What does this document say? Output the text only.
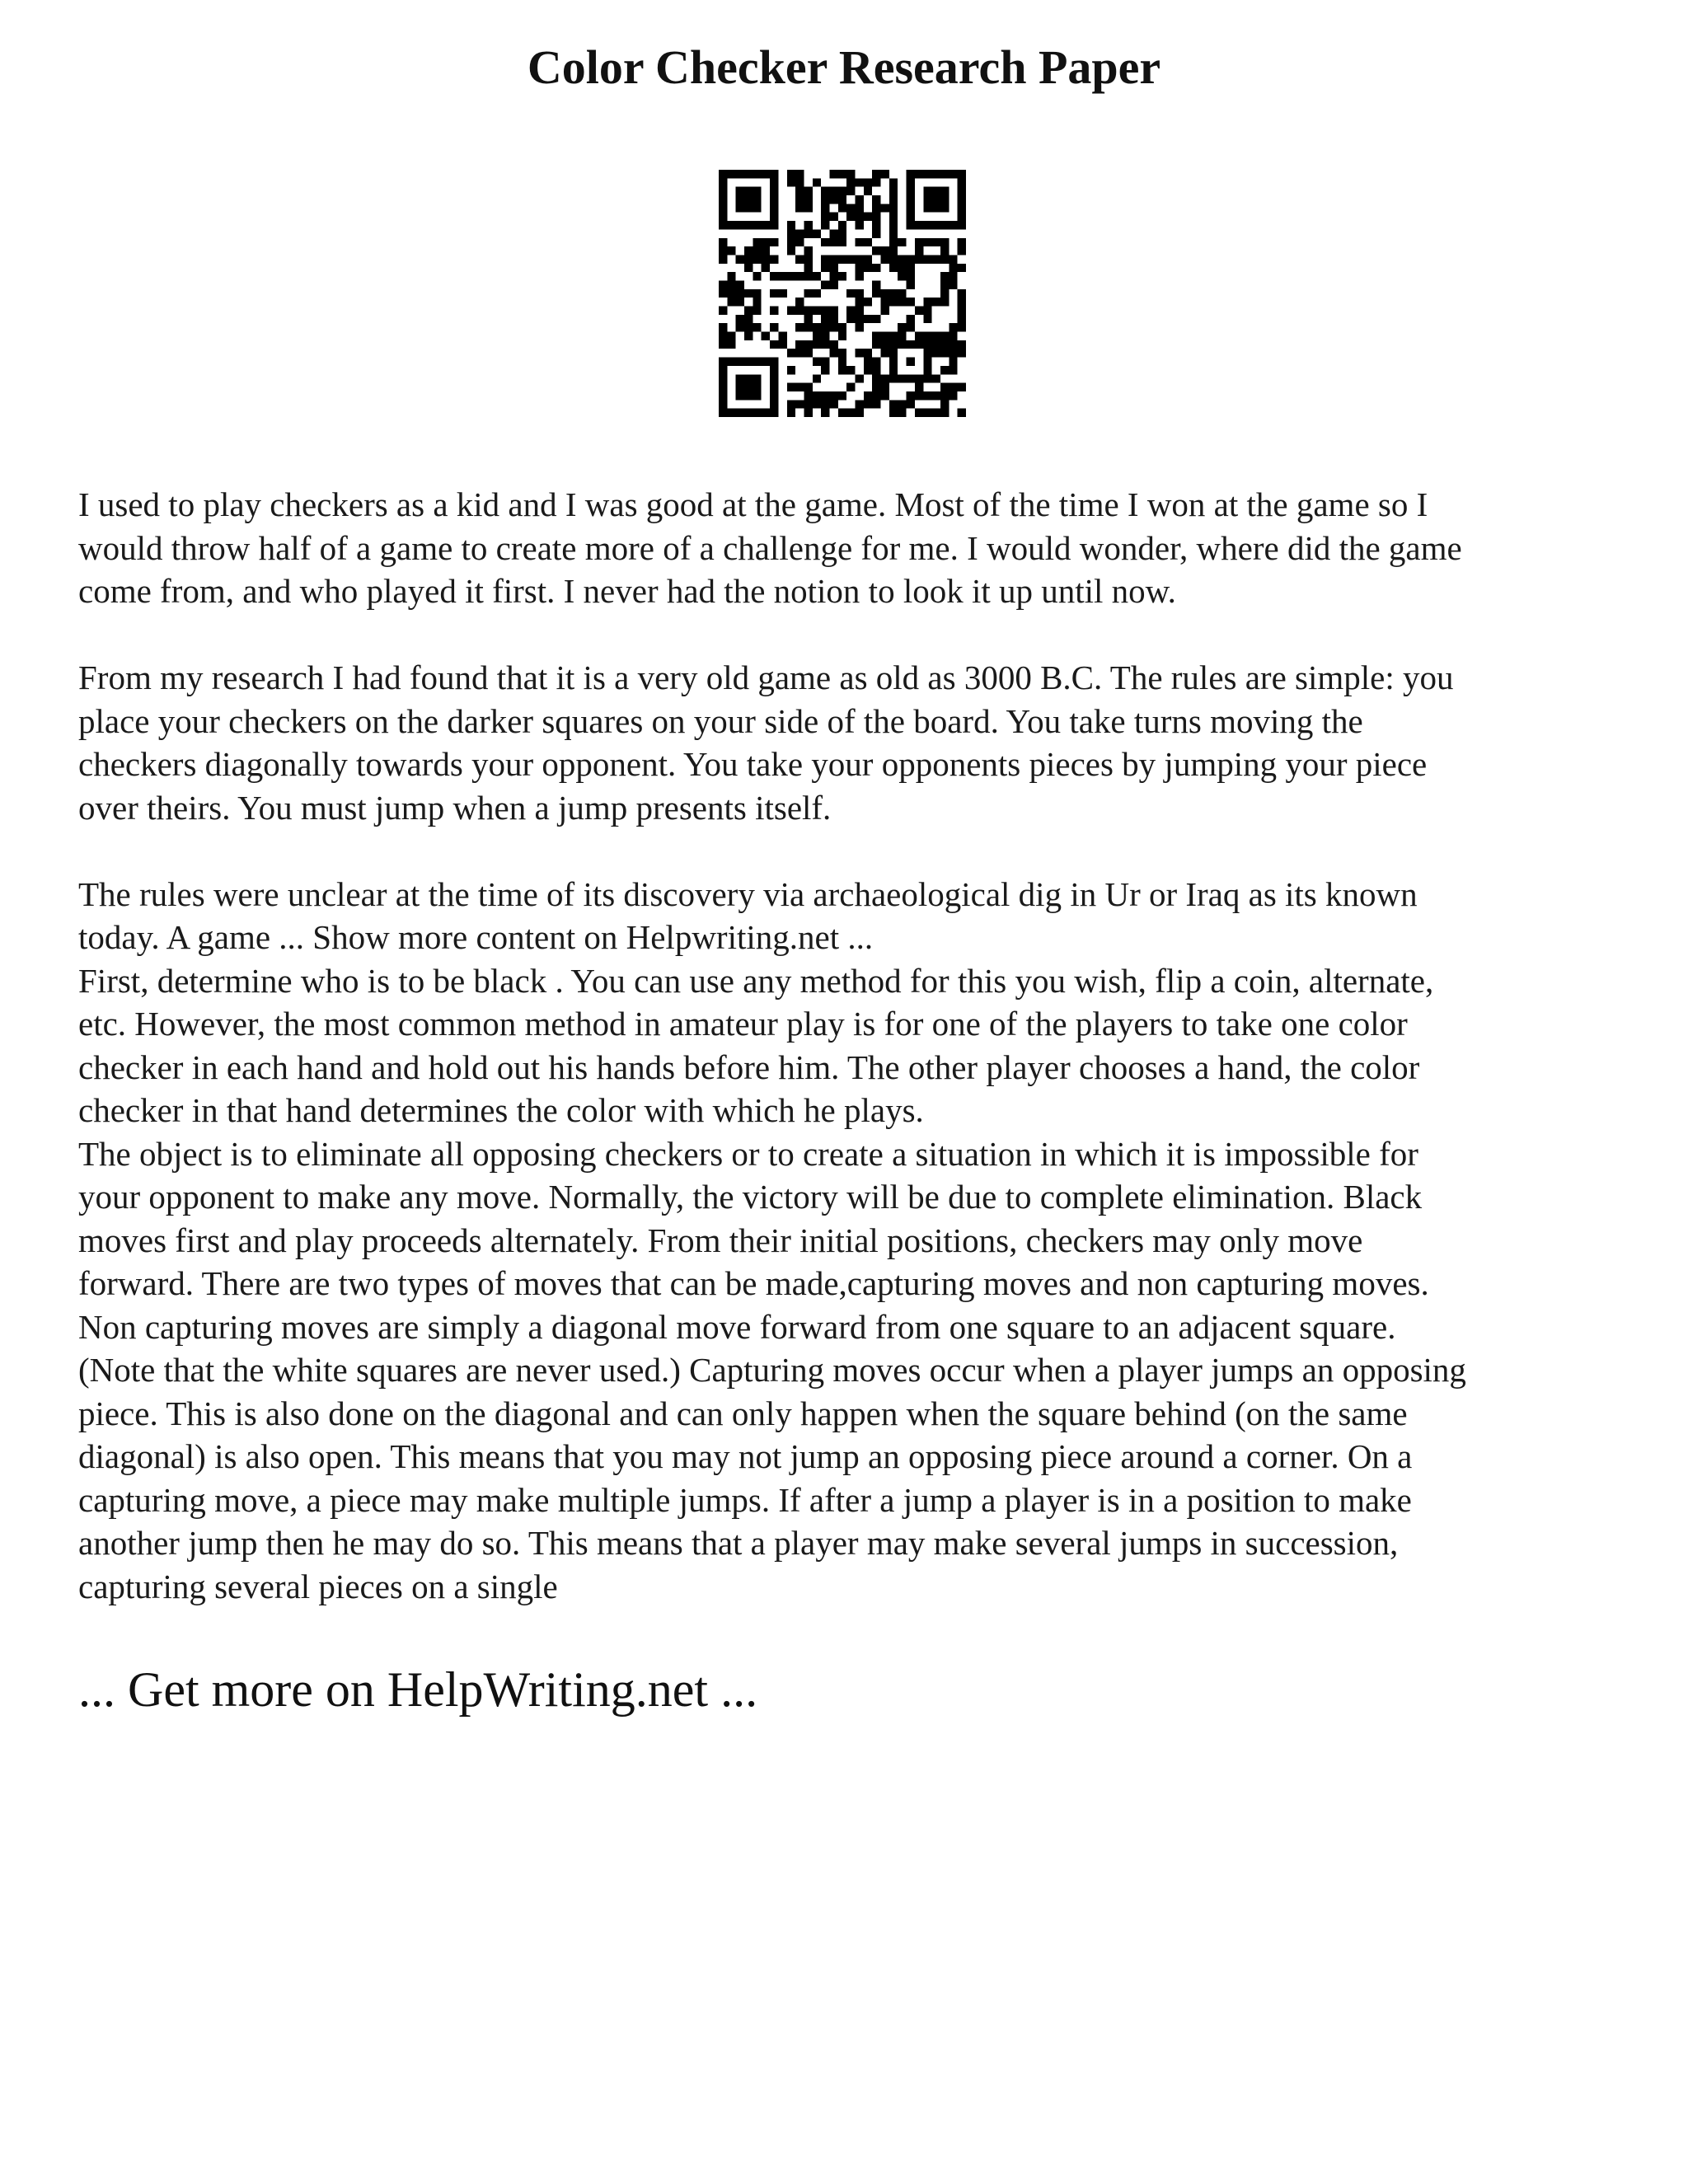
Color Checker Research Paper

I used to play checkers as a kid and I was good at the game. Most of the time I won at the game so I
would throw half of a game to create more of a challenge for me. I would wonder, where did the game
come from, and who played it first. I never had the notion to look it up until now.

From my research I had found that it is a very old game as old as 3000 B.C. The rules are simple: you
place your checkers on the darker squares on your side of the board. You take turns moving the
checkers diagonally towards your opponent. You take your opponents pieces by jumping your piece
over theirs. You must jump when a jump presents itself.

The rules were unclear at the time of its discovery via archaeological dig in Ur or Iraq as its known
today. A game ... Show more content on Helpwriting.net ...

First, determine who is to be black . You can use any method for this you wish, flip a coin, alternate,
etc. However, the most common method in amateur play is for one of the players to take one color
checker in each hand and hold out his hands before him. The other player chooses a hand, the color
checker in that hand determines the color with which he plays.

The object is to eliminate all opposing checkers or to create a situation in which it is impossible for
your opponent to make any move. Normally, the victory will be due to complete elimination. Black
moves first and play proceeds alternately. From their initial positions, checkers may only move
forward. There are two types of moves that can be made,capturing moves and non capturing moves.
Non capturing moves are simply a diagonal move forward from one square to an adjacent square.
(Note that the white squares are never used.) Capturing moves occur when a player jumps an opposing
piece. This is also done on the diagonal and can only happen when the square behind (on the same
diagonal) is also open. This means that you may not jump an opposing piece around a corner. On a
capturing move, a piece may make multiple jumps. If after a jump a player is in a position to make
another jump then he may do so. This means that a player may make several jumps in succession,
capturing several pieces on a single

... Get more on HelpWriting.net ...
